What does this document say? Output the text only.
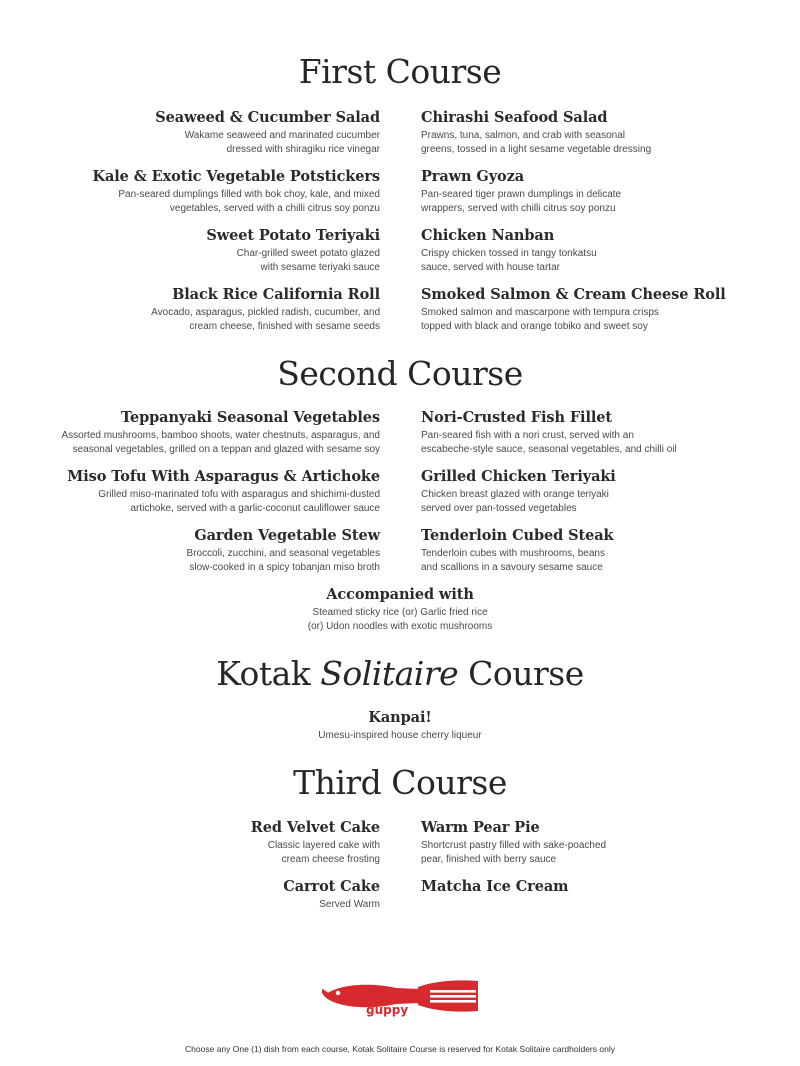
First Course
Seaweed & Cucumber Salad
Wakame seaweed and marinated cucumber
dressed with shiragiku rice vinegar
Chirashi Seafood Salad
Prawns, tuna, salmon, and crab with seasonal
greens, tossed in a light sesame vegetable dressing
Kale & Exotic Vegetable Potstickers
Pan-seared dumplings filled with bok choy, kale, and mixed
vegetables, served with a chilli citrus soy ponzu
Prawn Gyoza
Pan-seared tiger prawn dumplings in delicate
wrappers, served with chilli citrus soy ponzu
Sweet Potato Teriyaki
Char-grilled sweet potato glazed
with sesame teriyaki sauce
Chicken Nanban
Crispy chicken tossed in tangy tonkatsu
sauce, served with house tartar
Black Rice California Roll
Avocado, asparagus, pickled radish, cucumber, and
cream cheese, finished with sesame seeds
Smoked Salmon & Cream Cheese Roll
Smoked salmon and mascarpone with tempura crisps
topped with black and orange tobiko and sweet soy
Second Course
Teppanyaki Seasonal Vegetables
Assorted mushrooms, bamboo shoots, water chestnuts, asparagus, and
seasonal vegetables, grilled on a teppan and glazed with sesame soy
Nori-Crusted Fish Fillet
Pan-seared fish with a nori crust, served with an
escabeche-style sauce, seasonal vegetables, and chilli oil
Miso Tofu With Asparagus & Artichoke
Grilled miso-marinated tofu with asparagus and shichimi-dusted
artichoke, served with a garlic-coconut cauliflower sauce
Grilled Chicken Teriyaki
Chicken breast glazed with orange teriyaki
served over pan-tossed vegetables
Garden Vegetable Stew
Broccoli, zucchini, and seasonal vegetables
slow-cooked in a spicy tobanjan miso broth
Tenderloin Cubed Steak
Tenderloin cubes with mushrooms, beans
and scallions in a savoury sesame sauce
Accompanied with
Steamed sticky rice (or) Garlic fried rice
(or) Udon noodles with exotic mushrooms
Kotak Solitaire Course
Kanpai!
Umesu-inspired house cherry liqueur
Third Course
Red Velvet Cake
Classic layered cake with
cream cheese frosting
Warm Pear Pie
Shortcrust pastry filled with sake-poached
pear, finished with berry sauce
Carrot Cake
Served Warm
Matcha Ice Cream
guppy
Choose any One (1) dish from each course, Kotak Solitaire Course is reserved for Kotak Solitaire cardholders only
